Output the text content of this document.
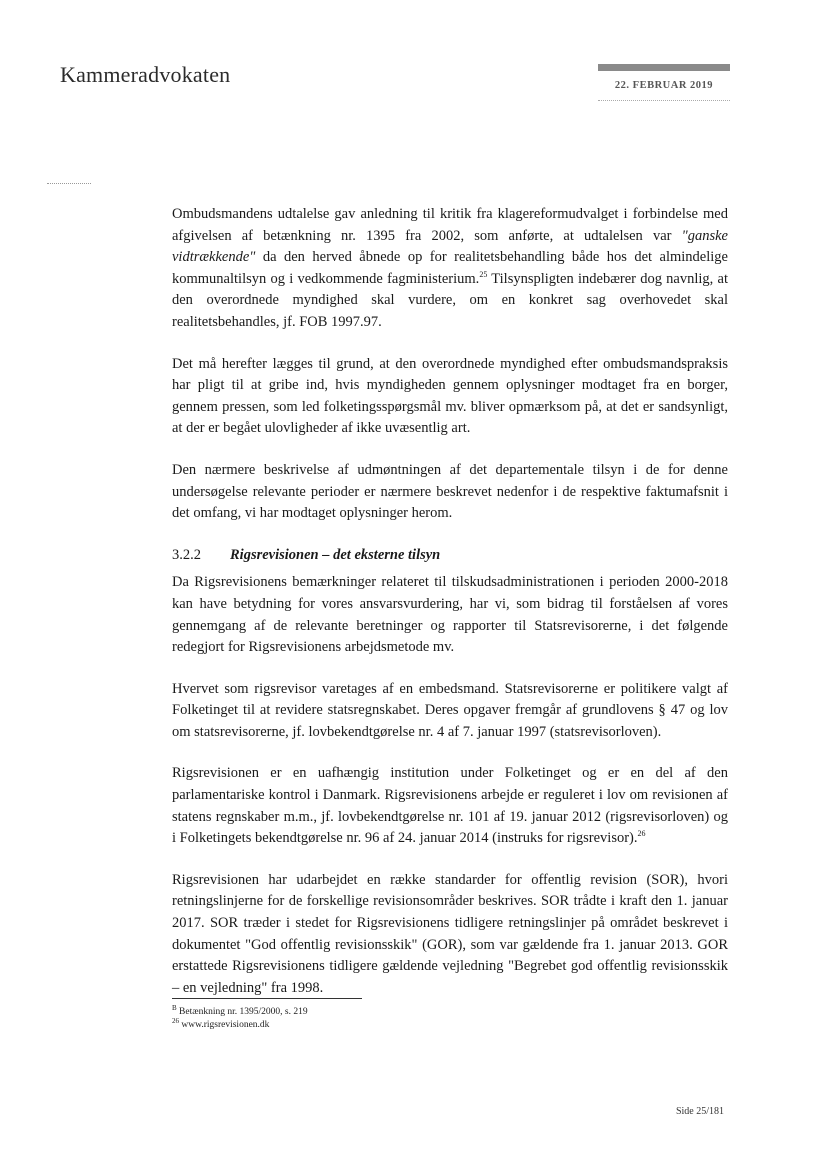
Kammeradvokaten	22. FEBRUAR 2019

Ombudsmandens udtalelse gav anledning til kritik fra klagereformudvalget i forbindelse med afgivelsen af betænkning nr. 1395 fra 2002, som anførte, at udtalelsen var "ganske vidtrækkende" da den herved åbnede op for realitetsbehandling både hos det almindelige kommunaltilsyn og i vedkommende fagministerium.$^{25}$ Tilsynspligten indebærer dog navnlig, at den overordnede myndighed skal vurdere, om en konkret sag overhovedet skal realitetsbehandles, jf. FOB 1997.97.

Det må herefter lægges til grund, at den overordnede myndighed efter ombudsmandspraksis har pligt til at gribe ind, hvis myndigheden gennem oplysninger modtaget fra en borger, gennem pressen, som led folketingsspørgsmål mv. bliver opmærksom på, at det er sandsynligt, at der er begået ulovligheder af ikke uvæsentlig art.

Den nærmere beskrivelse af udmøntningen af det departementale tilsyn i de for denne undersøgelse relevante perioder er nærmere beskrevet nedenfor i de respektive faktumafsnit i det omfang, vi har modtaget oplysninger herom.

3.2.2 Rigsrevisionen – det eksterne tilsyn

Da Rigsrevisionens bemærkninger relateret til tilskudsadministrationen i perioden 2000-2018 kan have betydning for vores ansvarsvurdering, har vi, som bidrag til forståelsen af vores gennemgang af de relevante beretninger og rapporter til Statsrevisorerne, i det følgende redegjort for Rigsrevisionens arbejdsmetode mv.

Hvervet som rigsrevisor varetages af en embedsmand. Statsrevisorerne er politikere valgt af Folketinget til at revidere statsregnskabet. Deres opgaver fremgår af grundlovens § 47 og lov om statsrevisorerne, jf. lovbekendtgørelse nr. 4 af 7. januar 1997 (statsrevisorloven).

Rigsrevisionen er en uafhængig institution under Folketinget og er en del af den parlamentariske kontrol i Danmark. Rigsrevisionens arbejde er reguleret i lov om revisionen af statens regnskaber m.m., jf. lovbekendtgørelse nr. 101 af 19. januar 2012 (rigsrevisorloven) og i Folketingets bekendtgørelse nr. 96 af 24. januar 2014 (instruks for rigsrevisor).$^{26}$

Rigsrevisionen har udarbejdet en række standarder for offentlig revision (SOR), hvori retningslinjerne for de forskellige revisionsområder beskrives. SOR trådte i kraft den 1. januar 2017. SOR træder i stedet for Rigsrevisionens tidligere retningslinjer på området beskrevet i dokumentet "God offentlig revisionsskik" (GOR), som var gældende fra 1. januar 2013. GOR erstattede Rigsrevisionens tidligere gældende vejledning "Begrebet god offentlig revisionsskik – en vejledning" fra 1998.

$^B$ Betænkning nr. 1395/2000, s. 219
$^{26}$ www.rigsrevisionen.dk
Side 25/181
